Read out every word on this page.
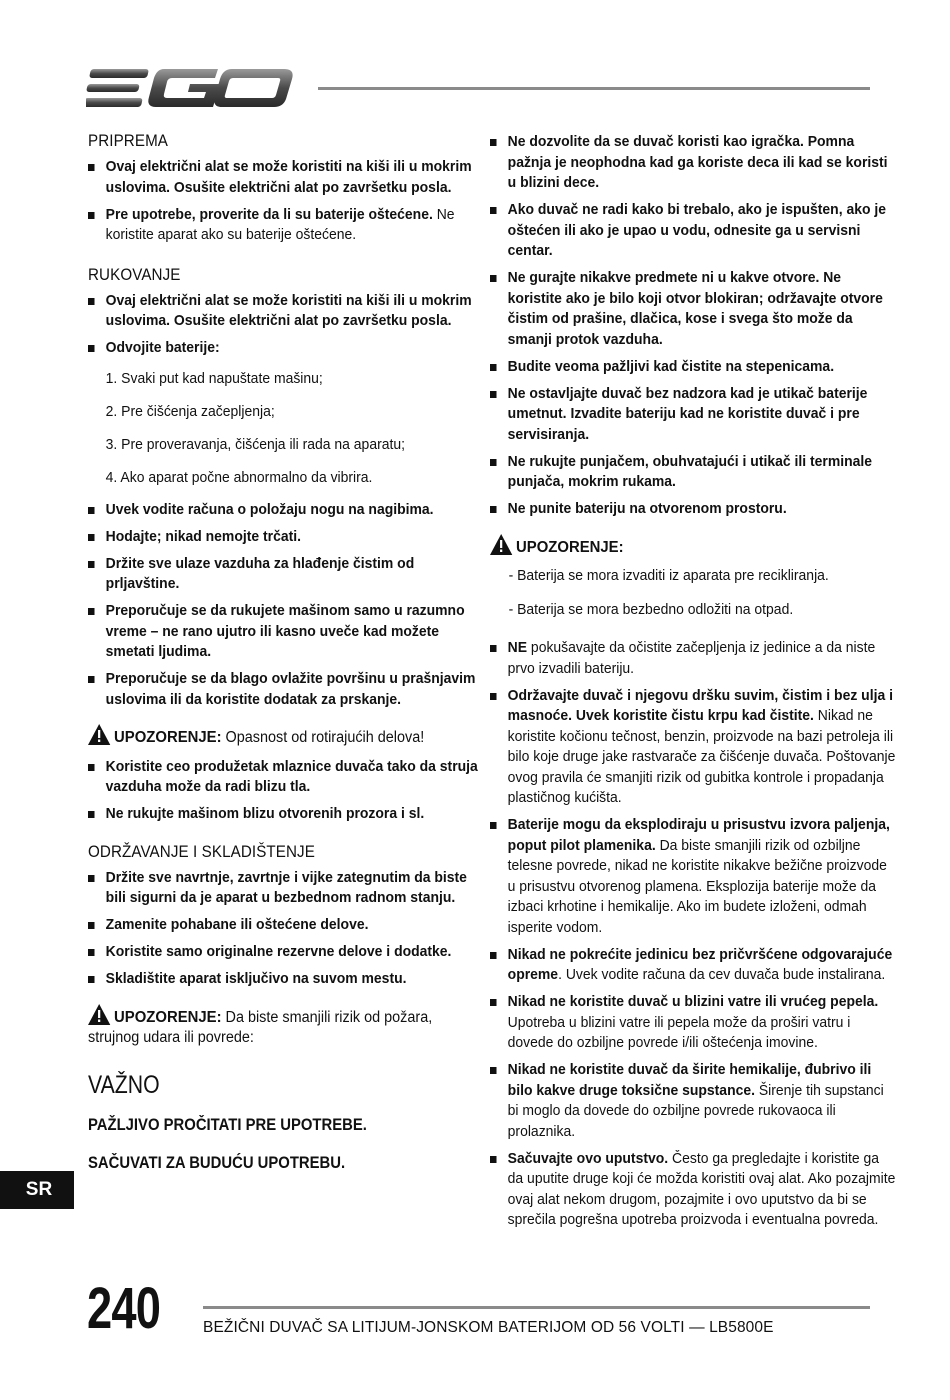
PRIPREMA
Ovaj električni alat se može koristiti na kiši ili u mokrim uslovima. Osušite električni alat po završetku posla.
Pre upotrebe, proverite da li su baterije oštećene. Ne koristite aparat ako su baterije oštećene.
RUKOVANJE
Ovaj električni alat se može koristiti na kiši ili u mokrim uslovima. Osušite električni alat po završetku posla.
Odvojite baterije:
1. Svaki put kad napuštate mašinu;
2. Pre čišćenja začepljenja;
3. Pre proveravanja, čišćenja ili rada na aparatu;
4. Ako aparat počne abnormalno da vibrira.
Uvek vodite računa o položaju nogu na nagibima.
Hodajte; nikad nemojte trčati.
Držite sve ulaze vazduha za hlađenje čistim od prljavštine.
Preporučuje se da rukujete mašinom samo u razumno vreme – ne rano ujutro ili kasno uveče kad možete smetati ljudima.
Preporučuje se da blago ovlažite površinu u prašnjavim uslovima ili da koristite dodatak za prskanje.
UPOZORENJE: Opasnost od rotirajućih delova!
Koristite ceo produžetak mlaznice duvača tako da struja vazduha može da radi blizu tla.
Ne rukujte mašinom blizu otvorenih prozora i sl.
ODRŽAVANJE I SKLADIŠTENJE
Držite sve navrtnje, zavrtnje i vijke zategnutim da biste bili sigurni da je aparat u bezbednom radnom stanju.
Zamenite pohabane ili oštećene delove.
Koristite samo originalne rezervne delove i dodatke.
Skladištite aparat isključivo na suvom mestu.
UPOZORENJE: Da biste smanjili rizik od požara, strujnog udara ili povrede:
VAŽNO
PAŽLJIVO PROČITATI PRE UPOTREBE.
SAČUVATI ZA BUDUĆU UPOTREBU.
Ne dozvolite da se duvač koristi kao igračka. Pomna pažnja je neophodna kad ga koriste deca ili kad se koristi u blizini dece.
Ako duvač ne radi kako bi trebalo, ako je ispušten, ako je oštećen ili ako je upao u vodu, odnesite ga u servisni centar.
Ne gurajte nikakve predmete ni u kakve otvore. Ne koristite ako je bilo koji otvor blokiran; održavajte otvore čistim od prašine, dlačica, kose i svega što može da smanji protok vazduha.
Budite veoma pažljivi kad čistite na stepenicama.
Ne ostavljajte duvač bez nadzora kad je utikač baterije umetnut. Izvadite bateriju kad ne koristite duvač i pre servisiranja.
Ne rukujte punjačem, obuhvatajući i utikač ili terminale punjača, mokrim rukama.
Ne punite bateriju na otvorenom prostoru.
UPOZORENJE:
- Baterija se mora izvaditi iz aparata pre recikliranja.
- Baterija se mora bezbedno odložiti na otpad.
NE pokušavajte da očistite začepljenja iz jedinice a da niste prvo izvadili bateriju.
Održavajte duvač i njegovu dršku suvim, čistim i bez ulja i masnoće. Uvek koristite čistu krpu kad čistite. Nikad ne koristite kočionu tečnost, benzin, proizvode na bazi petroleja ili bilo koje druge jake rastvarače za čišćenje duvača. Poštovanje ovog pravila će smanjiti rizik od gubitka kontrole i propadanja plastičnog kućišta.
Baterije mogu da eksplodiraju u prisustvu izvora paljenja, poput pilot plamenika. Da biste smanjili rizik od ozbiljne telesne povrede, nikad ne koristite nikakve bežične proizvode u prisustvu otvorenog plamena. Eksplozija baterije može da izbaci krhotine i hemikalije. Ako im budete izloženi, odmah isperite vodom.
Nikad ne pokrećite jedinicu bez pričvršćene odgovarajuće opreme. Uvek vodite računa da cev duvača bude instalirana.
Nikad ne koristite duvač u blizini vatre ili vrućeg pepela. Upotreba u blizini vatre ili pepela može da proširi vatru i dovede do ozbiljne povrede i/ili oštećenja imovine.
Nikad ne koristite duvač da širite hemikalije, đubrivo ili bilo kakve druge toksične supstance. Širenje tih supstanci bi moglo da dovede do ozbiljne povrede rukovaoca ili prolaznika.
Sačuvajte ovo uputstvo. Često ga pregledajte i koristite ga da uputite druge koji će možda koristiti ovaj alat. Ako pozajmite ovaj alat nekom drugom, pozajmite i ovo uputstvo da bi se sprečila pogrešna upotreba proizvoda i eventualna povreda.
SR
240	BEŽIČNI DUVAČ SA LITIJUM-JONSKOM BATERIJOM OD 56 VOLTI — LB5800E
